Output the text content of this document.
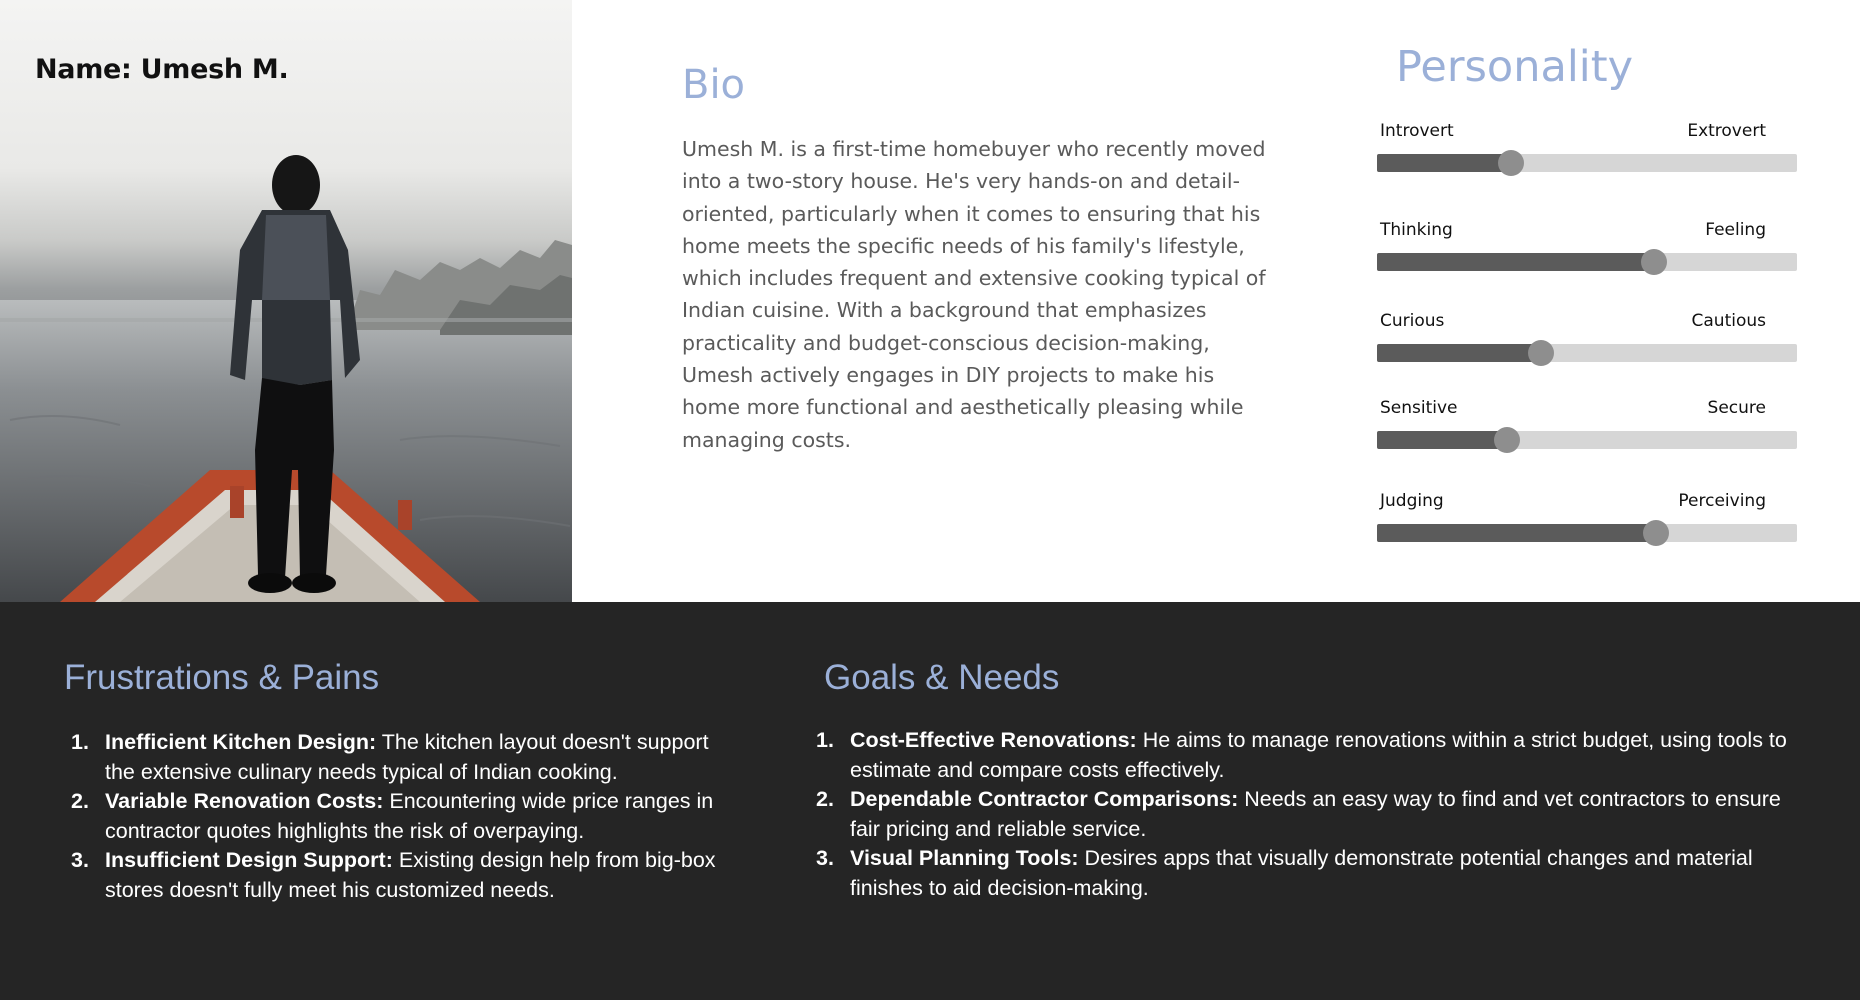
Name: Umesh M.	Bio
Umesh M. is a first-time homebuyer who recently moved into a two-story house. He's very hands-on and detail-oriented, particularly when it comes to ensuring that his home meets the specific needs of his family's lifestyle, which includes frequent and extensive cooking typical of Indian cuisine. With a background that emphasizes practicality and budget-conscious decision-making, Umesh actively engages in DIY projects to make his home more functional and aesthetically pleasing while managing costs.
Personality
Introvert	Extrovert
Thinking	Feeling
Curious	Cautious
Sensitive	Secure
Judging	Perceiving
Frustrations & Pains
1. Inefficient Kitchen Design: The kitchen layout doesn't support the extensive culinary needs typical of Indian cooking.
2. Variable Renovation Costs: Encountering wide price ranges in contractor quotes highlights the risk of overpaying.
3. Insufficient Design Support: Existing design help from big-box stores doesn't fully meet his customized needs.
Goals & Needs
1. Cost-Effective Renovations: He aims to manage renovations within a strict budget, using tools to estimate and compare costs effectively.
2. Dependable Contractor Comparisons: Needs an easy way to find and vet contractors to ensure fair pricing and reliable service.
3. Visual Planning Tools: Desires apps that visually demonstrate potential changes and material finishes to aid decision-making.
